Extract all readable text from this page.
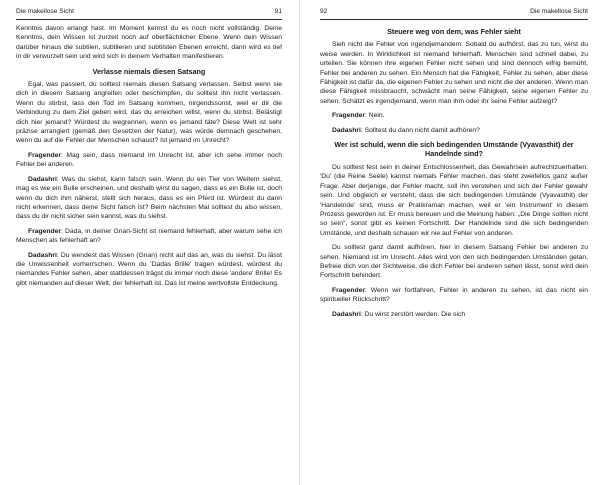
Die makellose Sicht	91

Kenntnis davon erlangt hast. Im Moment kennst du es noch nicht vollständig. Deine Kenntnis, dein Wissen ist zurzeit noch auf oberflächlicher Ebene. Wenn dein Wissen darüber hinaus die subtilen, subtileren und subtilsten Ebenen erreicht, dann wird es tief in dir verwurzelt sein und wird sich in deinem Verhalten manifestieren.

Verlasse niemals diesen Satsang

Egal, was passiert, du solltest niemals diesen Satsang verlassen. Selbst wenn sie dich in diesem Satsang angreifen oder beschimpfen, du solltest ihn nicht verlassen. Wenn du stirbst, lass den Tod im Satsang kommen, nirgendssonst, weil er dir die Verbindung zu dem Ziel geben wird, das du erreichen willst, wenn du stirbst. Belästigt dich hier jemand? Würdest du wegrennen, wenn es jemand täte? Diese Welt ist sehr präzise arrangiert (gemäß den Gesetzen der Natur), was würde demnach geschehen, wenn du auf die Fehler der Menschen schaust? Ist jemand im Unrecht?

Fragender: Mag sein, dass niemand im Unrecht ist, aber ich sehe immer noch Fehler bei anderen.

Dadashri: Was du siehst, kann falsch sein. Wenn du ein Tier von Weitem siehst, mag es wie ein Bulle erscheinen, und deshalb wirst du sagen, dass es ein Bulle ist, doch wenn du dich ihm näherst, stellt sich heraus, dass es ein Pferd ist. Würdest du dann nicht erkennen, dass deine Sicht falsch ist? Beim nächsten Mal solltest du also wissen, dass du dir nicht sicher sein kannst, was du siehst.

Fragender: Dada, in deiner Gnan-Sicht ist niemand fehlerhaft, aber warum sehe ich Menschen als fehlerhaft an?

Dadashri: Du wendest das Wissen (Gnan) nicht auf das an, was du siehst. Du lässt die Unwissenheit vorherrschen. Wenn du 'Dadas Brille' tragen würdest, würdest du niemandes Fehler sehen, aber stattdessen trägst du immer noch diese 'andere' Brille! Es gibt niemanden auf dieser Welt, der fehlerhaft ist. Das ist meine wertvollste Entdeckung.

92	Die makellose Sicht
Steuere weg von dem, was Fehler sieht

Sieh nicht die Fehler von irgendjemandem. Sobald du aufhörst, das zu tun, wirst du weise werden. In Wirklichkeit ist niemand fehlerhaft. Menschen sind schnell dabei, zu urteilen. Sie können ihre eigenen Fehler nicht sehen und sind dennoch eifrig bemüht, Fehler bei anderen zu sehen. Ein Mensch hat die Fähigkeit, Fehler zu sehen, aber diese Fähigkeit ist dafür da, die eigenen Fehler zu sehen und nicht die der anderen. Wenn man diese Fähigkeit missbraucht, schwächt man seine Fähigkeit, seine eigenen Fehler zu sehen. Schätzt es irgendjemand, wenn man ihm oder ihr seine Fehler aufzeigt?

Fragender: Nein.

Dadashri: Solltest du dann nicht damit aufhören?

Wer ist schuld, wenn die sich bedingenden Umstände (Vyavasthit) der Handelnde sind?

Du solltest fest sein in deiner Entschlossenheit, das Gewahrsein aufrechtzuerhalten: 'Du' (die Reine Seele) kannst niemals Fehler machen, das steht zweifellos ganz außer Frage. Aber derjenige, der Fehler macht, soll ihn verstehen und sich der Fehler gewahr sein. Und obgleich er versteht, dass die sich bedingenden Umstände (Vyavasthit) der 'Handelnde' sind, muss er Pratikraman machen, weil er 'ein Instrument' in diesem Prozess geworden ist. Er muss bereuen und die Meinung haben: „Die Dinge sollten nicht so sein", sonst gibt es keinen Fortschritt. Der Handelnde sind die sich bedingenden Umstände, und deshalb schauen wir nie auf Fehler von anderen.

Du solltest ganz damit aufhören, hier in diesem Satsang Fehler bei anderen zu sehen. Niemand ist im Unrecht. Alles wird von den sich bedingenden Umständen getan. Befreie dich von der Sichtweise, die dich Fehler bei anderen sehen lässt, sonst wird dein Fortschritt behindert.

Fragender: Wenn wir fortfahren, Fehler in anderen zu sehen, ist das nicht ein spiritueller Rückschritt?

Dadashri: Du wirst zerstört werden. Die sich
